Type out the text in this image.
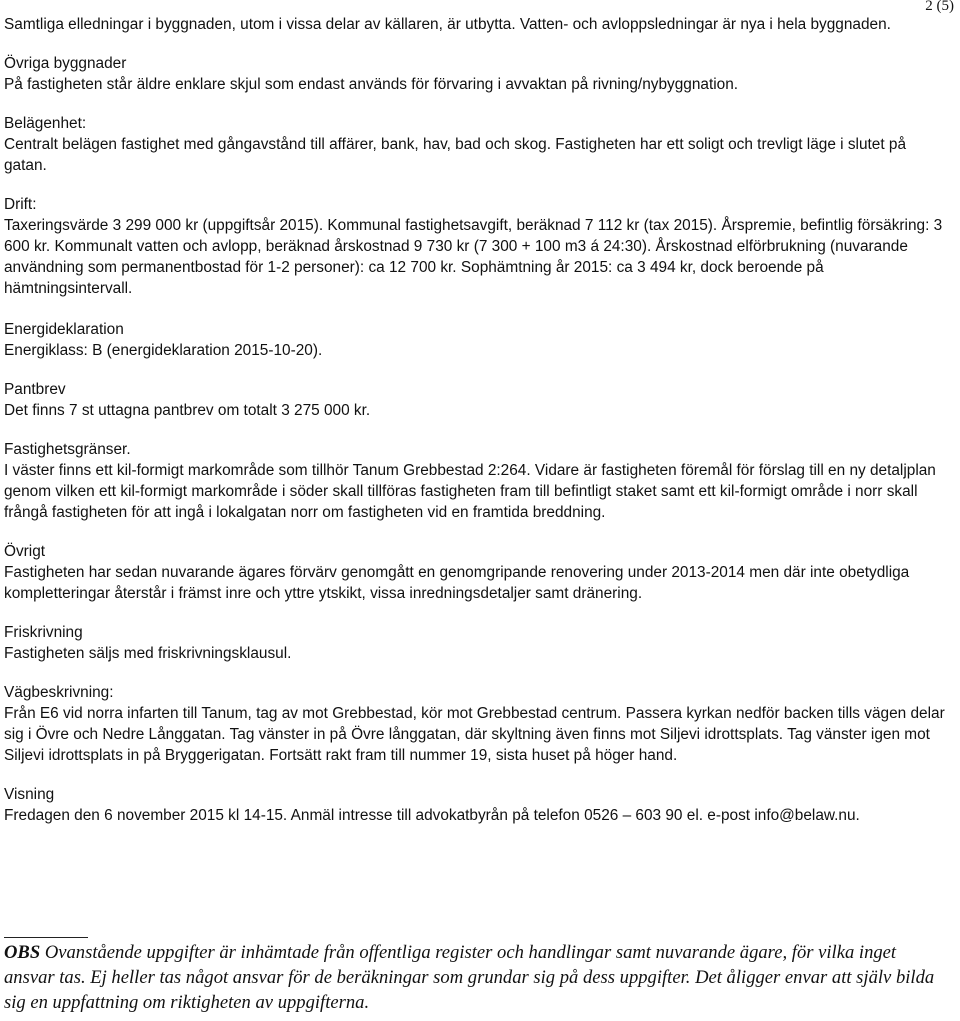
2 (5)
Samtliga elledningar i byggnaden, utom i vissa delar av källaren, är utbytta. Vatten- och avloppsledningar är nya i hela byggnaden.
Övriga byggnader
På fastigheten står äldre enklare skjul som endast används för förvaring i avvaktan på rivning/nybyggnation.
Belägenhet:
Centralt belägen fastighet med gångavstånd till affärer, bank, hav, bad och skog. Fastigheten har ett soligt och trevligt läge i slutet på gatan.
Drift:
Taxeringsvärde 3 299 000 kr (uppgiftsår 2015). Kommunal fastighetsavgift, beräknad 7 112 kr (tax 2015). Årspremie, befintlig försäkring: 3 600 kr. Kommunalt vatten och avlopp, beräknad årskostnad 9 730 kr (7 300 + 100 m3 á 24:30). Årskostnad elförbrukning (nuvarande användning som permanentbostad för 1-2 personer): ca 12 700 kr. Sophämtning år 2015: ca 3 494 kr, dock beroende på hämtningsintervall.
Energideklaration
Energiklass: B (energideklaration 2015-10-20).
Pantbrev
Det finns 7 st uttagna pantbrev om totalt 3 275 000 kr.
Fastighetsgränser.
I väster finns ett kil-formigt markområde som tillhör Tanum Grebbestad 2:264. Vidare är fastigheten föremål för förslag till en ny detaljplan genom vilken ett kil-formigt markområde i söder skall tillföras fastigheten fram till befintligt staket samt ett kil-formigt område i norr skall frångå fastigheten för att ingå i lokalgatan norr om fastigheten vid en framtida breddning.
Övrigt
Fastigheten har sedan nuvarande ägares förvärv genomgått en genomgripande renovering under 2013-2014 men där inte obetydliga kompletteringar återstår i främst inre och yttre ytskikt, vissa inredningsdetaljer samt dränering.
Friskrivning
Fastigheten säljs med friskrivningsklausul.
Vägbeskrivning:
Från E6 vid norra infarten till Tanum, tag av mot Grebbestad, kör mot Grebbestad centrum. Passera kyrkan nedför backen tills vägen delar sig i Övre och Nedre Långgatan. Tag vänster in på Övre långgatan, där skyltning även finns mot Siljevi idrottsplats. Tag vänster igen mot Siljevi idrottsplats in på Bryggerigatan. Fortsätt rakt fram till nummer 19, sista huset på höger hand.
Visning
Fredagen den 6 november 2015 kl 14-15. Anmäl intresse till advokatbyrån på telefon 0526 – 603 90 el. e-post info@belaw.nu.
OBS Ovanstående uppgifter är inhämtade från offentliga register och handlingar samt nuvarande ägare, för vilka inget ansvar tas. Ej heller tas något ansvar för de beräkningar som grundar sig på dess uppgifter. Det åligger envar att själv bilda sig en uppfattning om riktigheten av uppgifterna.
